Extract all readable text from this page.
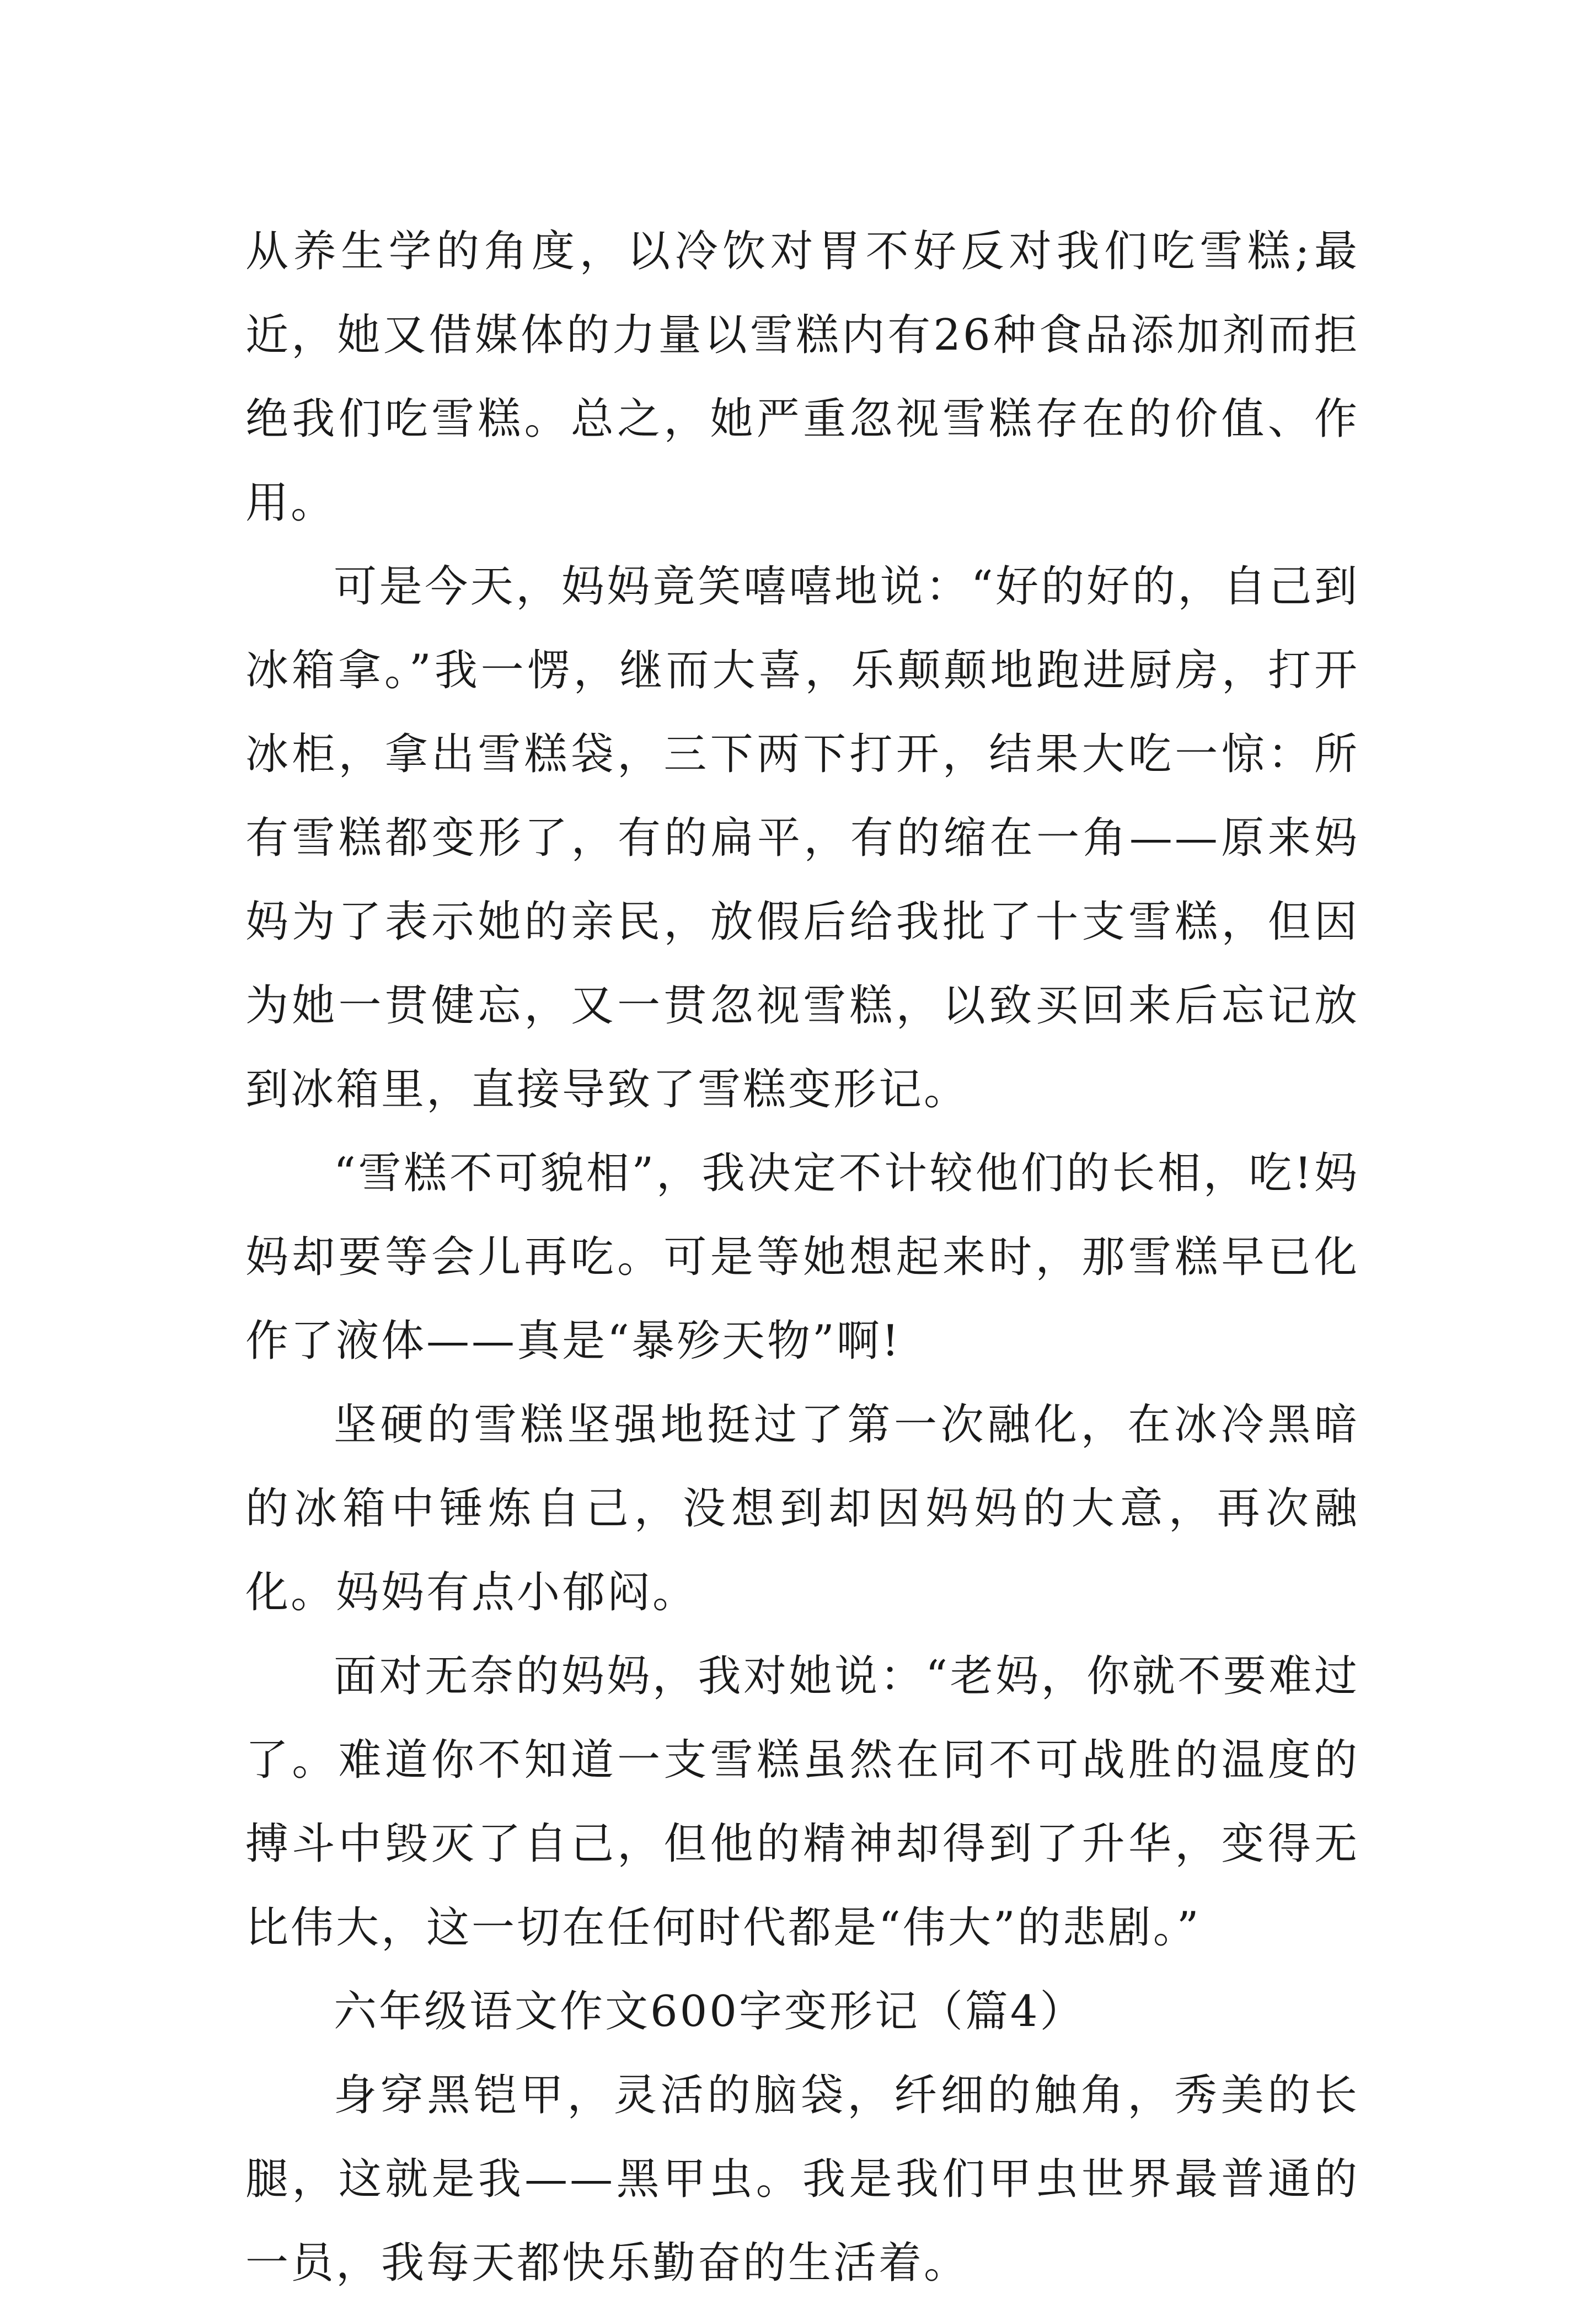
从养生学的角度，以冷饮对胃不好反对我们吃雪糕;最近，她又借媒体的力量以雪糕内有26种食品添加剂而拒绝我们吃雪糕。总之，她严重忽视雪糕存在的价值、作用。

可是今天，妈妈竟笑嘻嘻地说：“好的好的，自己到冰箱拿。”我一愣，继而大喜，乐颠颠地跑进厨房，打开冰柜，拿出雪糕袋，三下两下打开，结果大吃一惊：所有雪糕都变形了，有的扁平，有的缩在一角——原来妈妈为了表示她的亲民，放假后给我批了十支雪糕，但因为她一贯健忘，又一贯忽视雪糕，以致买回来后忘记放到冰箱里，直接导致了雪糕变形记。

“雪糕不可貌相”，我决定不计较他们的长相，吃!妈妈却要等会儿再吃。可是等她想起来时，那雪糕早已化作了液体——真是“暴殄天物”啊!

坚硬的雪糕坚强地挺过了第一次融化，在冰冷黑暗的冰箱中锤炼自己，没想到却因妈妈的大意，再次融化。妈妈有点小郁闷。

面对无奈的妈妈，我对她说：“老妈，你就不要难过了。难道你不知道一支雪糕虽然在同不可战胜的温度的搏斗中毁灭了自己，但他的精神却得到了升华，变得无比伟大，这一切在任何时代都是“伟大”的悲剧。”

六年级语文作文600字变形记（篇4）

身穿黑铠甲，灵活的脑袋，纤细的触角，秀美的长腿，这就是我——黑甲虫。我是我们甲虫世界最普通的一员，我每天都快乐勤奋的生活着。
